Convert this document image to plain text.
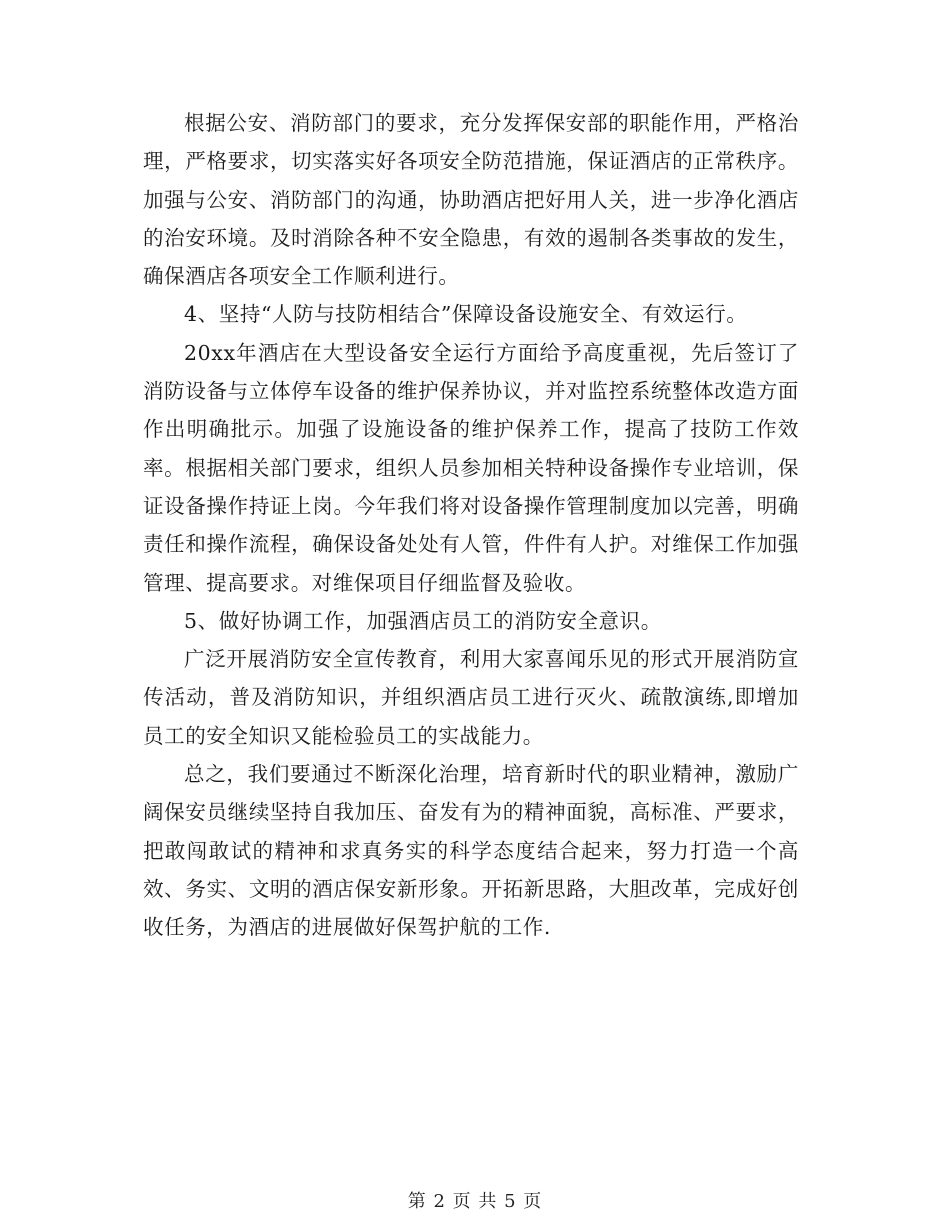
根据公安、消防部门的要求，充分发挥保安部的职能作用，严格治理，严格要求，切实落实好各项安全防范措施，保证酒店的正常秩序。加强与公安、消防部门的沟通，协助酒店把好用人关，进一步净化酒店的治安环境。及时消除各种不安全隐患，有效的遏制各类事故的发生，确保酒店各项安全工作顺利进行。

4、坚持“人防与技防相结合”保障设备设施安全、有效运行。

20xx年酒店在大型设备安全运行方面给予高度重视，先后签订了消防设备与立体停车设备的维护保养协议，并对监控系统整体改造方面作出明确批示。加强了设施设备的维护保养工作，提高了技防工作效率。根据相关部门要求，组织人员参加相关特种设备操作专业培训，保证设备操作持证上岗。今年我们将对设备操作管理制度加以完善，明确责任和操作流程，确保设备处处有人管，件件有人护。对维保工作加强管理、提高要求。对维保项目仔细监督及验收。

5、做好协调工作，加强酒店员工的消防安全意识。

广泛开展消防安全宣传教育，利用大家喜闻乐见的形式开展消防宣传活动，普及消防知识，并组织酒店员工进行灭火、疏散演练,即增加员工的安全知识又能检验员工的实战能力。

总之，我们要通过不断深化治理，培育新时代的职业精神，激励广阔保安员继续坚持自我加压、奋发有为的精神面貌，高标准、严要求，把敢闯敢试的精神和求真务实的科学态度结合起来，努力打造一个高效、务实、文明的酒店保安新形象。开拓新思路，大胆改革，完成好创收任务，为酒店的进展做好保驾护航的工作.

第 2 页 共 5 页
